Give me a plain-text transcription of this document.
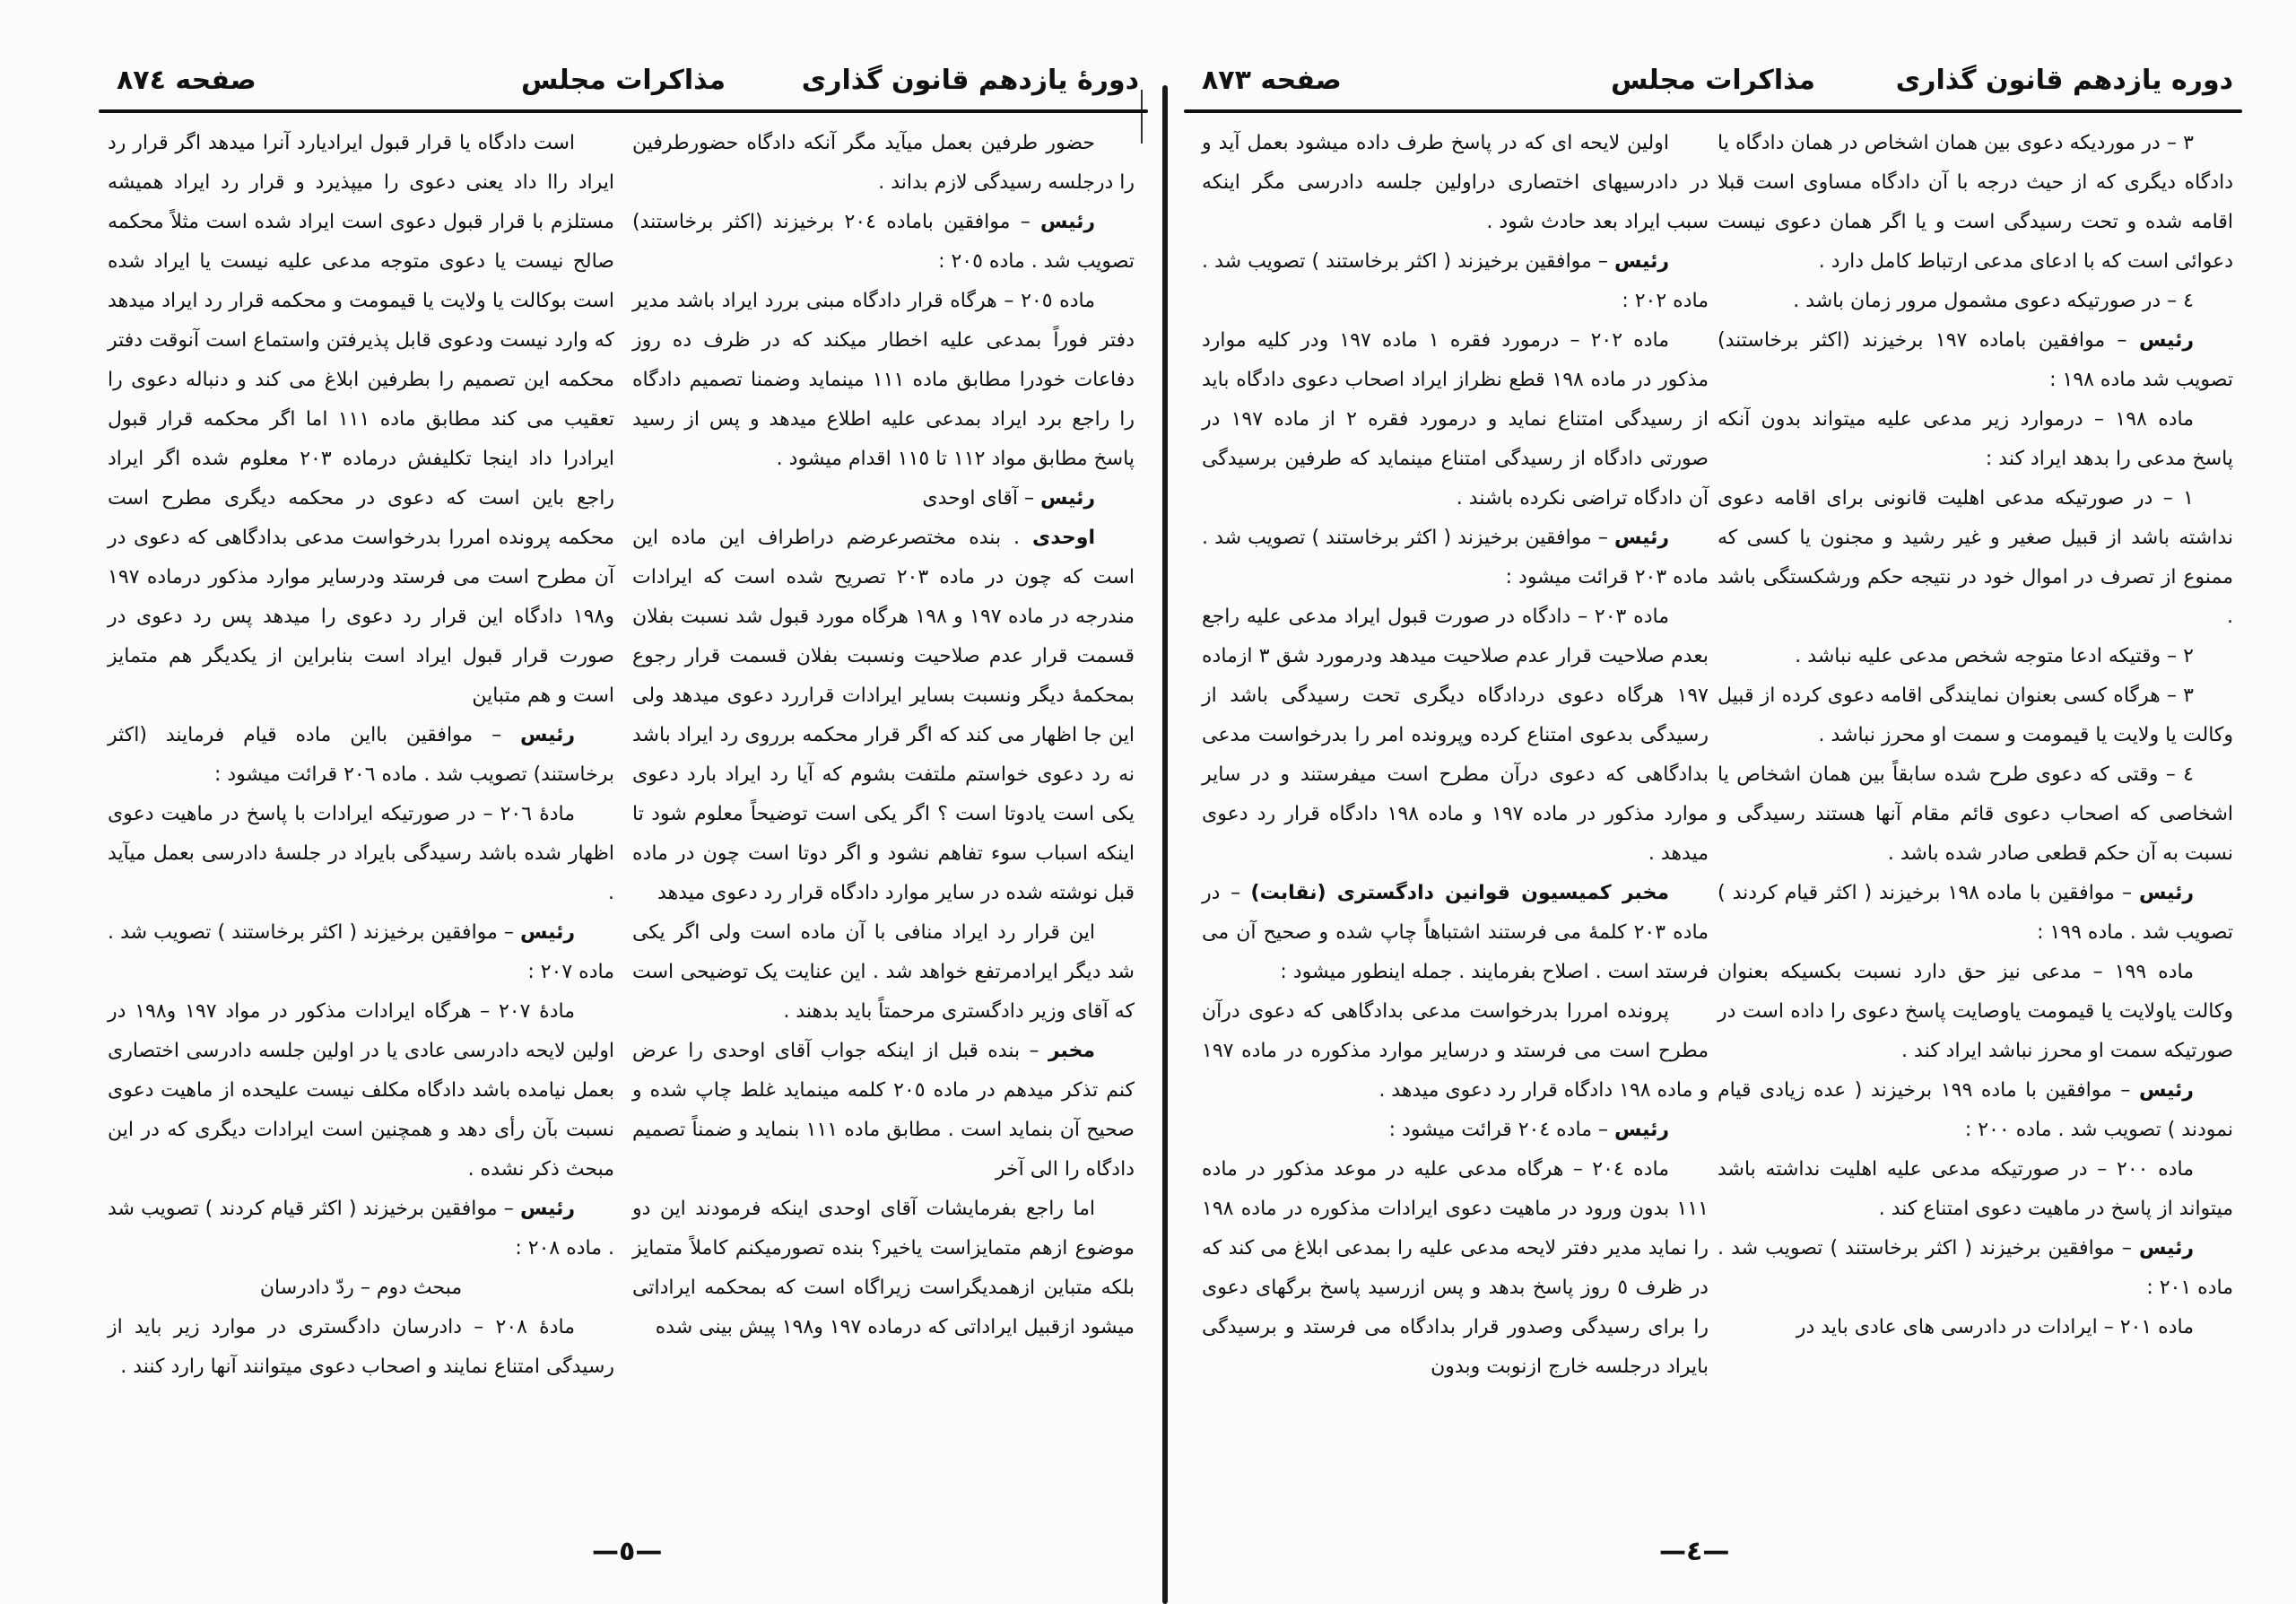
دوره یازدهم قانون گذاری
مذاکرات مجلس
صفحه ۸۷۳

۳ – در موردیکه دعوی بین همان اشخاص در همان دادگاه یا دادگاه دیگری که از حیث درجه با آن دادگاه مساوی است قبلا اقامه شده و تحت رسیدگی است و یا اگر همان دعوی نیست دعوائی است که با ادعای مدعی ارتباط کامل دارد .

٤ – در صورتیکه دعوی مشمول مرور زمان باشد .

رئیس – موافقین باماده ۱۹۷ برخیزند (اکثر برخاستند) تصویب شد ماده ۱۹۸ :

ماده ۱۹۸ – درموارد زیر مدعی علیه میتواند بدون آنکه پاسخ مدعی را بدهد ایراد کند :

۱ – در صورتیکه مدعی اهلیت قانونی برای اقامه دعوی نداشته باشد از قبیل صغیر و غیر رشید و مجنون یا کسی که ممنوع از تصرف در اموال خود در نتیجه حکم ورشکستگی باشد .

۲ – وقتیکه ادعا متوجه شخص مدعی علیه نباشد .

۳ – هرگاه کسی بعنوان نمایندگی اقامه دعوی کرده از قبیل وکالت یا ولایت یا قیمومت و سمت او محرز نباشد .

٤ – وقتی که دعوی طرح شده سابقاً بین همان اشخاص یا اشخاصی که اصحاب دعوی قائم مقام آنها هستند رسیدگی و نسبت به آن حکم قطعی صادر شده باشد .

رئیس – موافقین با ماده ۱۹۸ برخیزند ( اکثر قیام کردند ) تصویب شد . ماده ۱۹۹ :

ماده ۱۹۹ – مدعی نیز حق دارد نسبت بکسیکه بعنوان وکالت یاولایت یا قیمومت یاوصایت پاسخ دعوی را داده است در صورتیکه سمت او محرز نباشد ایراد کند .

رئیس – موافقین با ماده ۱۹۹ برخیزند ( عده زیادی قیام نمودند ) تصویب شد . ماده ۲۰۰ :

ماده ۲۰۰ – در صورتیکه مدعی علیه اهلیت نداشته باشد میتواند از پاسخ در ماهیت دعوی امتناع کند .

رئیس – موافقین برخیزند ( اکثر برخاستند ) تصویب شد . ماده ۲۰۱ :

ماده ۲۰۱ – ایرادات در دادرسی های عادی باید در

اولین لایحه ای که در پاسخ طرف داده میشود بعمل آید و در دادرسیهای اختصاری دراولین جلسه دادرسی مگر اینکه سبب ایراد بعد حادث شود .

رئیس – موافقین برخیزند ( اکثر برخاستند ) تصویب شد . ماده ۲۰۲ :

ماده ۲۰۲ – درمورد فقره ۱ ماده ۱۹۷ ودر کلیه موارد مذکور در ماده ۱۹۸ قطع نظراز ایراد اصحاب دعوی دادگاه باید از رسیدگی امتناع نماید و درمورد فقره ۲ از ماده ۱۹۷ در صورتی دادگاه از رسیدگی امتناع مینماید که طرفین برسیدگی آن دادگاه تراضی نکرده باشند .

رئیس – موافقین برخیزند ( اکثر برخاستند ) تصویب شد . ماده ۲۰۳ قرائت میشود :

ماده ۲۰۳ – دادگاه در صورت قبول ایراد مدعی علیه راجع بعدم صلاحیت قرار عدم صلاحیت میدهد ودرمورد شق ۳ ازماده ۱۹۷ هرگاه دعوی دردادگاه دیگری تحت رسیدگی باشد از رسیدگی بدعوی امتناع کرده وپرونده امر را بدرخواست مدعی بدادگاهی که دعوی درآن مطرح است میفرستند و در سایر موارد مذکور در ماده ۱۹۷ و ماده ۱۹۸ دادگاه قرار رد دعوی میدهد .

مخبر کمیسیون قوانین دادگستری (نقابت) – در ماده ۲۰۳ کلمهٔ می فرستند اشتباهاً چاپ شده و صحیح آن می فرستد است . اصلاح بفرمایند . جمله اینطور میشود :

پرونده امررا بدرخواست مدعی بدادگاهی که دعوی درآن مطرح است می فرستد و درسایر موارد مذکوره در ماده ۱۹۷ و ماده ۱۹۸ دادگاه قرار رد دعوی میدهد .

رئیس – ماده ۲۰٤ قرائت میشود :

ماده ۲۰٤ – هرگاه مدعی علیه در موعد مذکور در ماده ۱۱۱ بدون ورود در ماهیت دعوی ایرادات مذکوره در ماده ۱۹۸ را نماید مدیر دفتر لایحه مدعی علیه را بمدعی ابلاغ می کند که در ظرف ٥ روز پاسخ بدهد و پس ازرسید پاسخ برگهای دعوی را برای رسیدگی وصدور قرار بدادگاه می فرستد و برسیدگی بایراد درجلسه خارج ازنوبت وبدون

—٤—
دورهٔ یازدهم قانون گذاری
مذاکرات مجلس
صفحه ۸۷٤

حضور طرفین بعمل میآید مگر آنکه دادگاه حضورطرفین را درجلسه رسیدگی لازم بداند .

رئیس – موافقین باماده ۲۰٤ برخیزند (اکثر برخاستند) تصویب شد . ماده ۲۰٥ :

ماده ۲۰٥ – هرگاه قرار دادگاه مبنی بررد ایراد باشد مدیر دفتر فوراً بمدعی علیه اخطار میکند که در ظرف ده روز دفاعات خودرا مطابق ماده ۱۱۱ مینماید وضمنا تصمیم دادگاه را راجع برد ایراد بمدعی علیه اطلاع میدهد و پس از رسید پاسخ مطابق مواد ۱۱۲ تا ۱۱٥ اقدام میشود .

رئیس – آقای اوحدی

اوحدی . بنده مختصرعرضم دراطراف این ماده این است که چون در ماده ۲۰۳ تصریح شده است که ایرادات مندرجه در ماده ۱۹۷ و ۱۹۸ هرگاه مورد قبول شد نسبت بفلان قسمت قرار عدم صلاحیت ونسبت بفلان قسمت قرار رجوع بمحکمهٔ دیگر ونسبت بسایر ایرادات قراررد دعوی میدهد ولی این جا اظهار می کند که اگر قرار محکمه برروی رد ایراد باشد نه رد دعوی خواستم ملتفت بشوم که آیا رد ایراد بارد دعوی یکی است یادوتا است ؟ اگر یکی است توضیحاً معلوم شود تا اینکه اسباب سوء تفاهم نشود و اگر دوتا است چون در ماده قبل نوشته شده در سایر موارد دادگاه قرار رد دعوی میدهد

این قرار رد ایراد منافی با آن ماده است ولی اگر یکی شد دیگر ایرادمرتفع خواهد شد . این عنایت یک توضیحی است که آقای وزیر دادگستری مرحمتاً باید بدهند .

مخبر – بنده قبل از اینکه جواب آقای اوحدی را عرض کنم تذکر میدهم در ماده ۲۰٥ کلمه مینماید غلط چاپ شده و صحیح آن بنماید است . مطابق ماده ۱۱۱ بنماید و ضمناً تصمیم دادگاه را الی آخر

اما راجع بفرمایشات آقای اوحدی اینکه فرمودند این دو موضوع ازهم متمایزاست یاخیر؟ بنده تصورمیکنم کاملاً متمایز بلکه متباین ازهمدیگراست زیراگاه است که بمحکمه ایراداتی میشود ازقبیل ایراداتی که درماده ۱۹۷ و۱۹۸ پیش بینی شده

است دادگاه یا قرار قبول ایرادیارد آنرا میدهد اگر قرار رد ایراد راا داد یعنی دعوی را میپذیرد و قرار رد ایراد همیشه مستلزم با قرار قبول دعوی است ایراد شده است مثلاً محکمه صالح نیست یا دعوی متوجه مدعی علیه نیست یا ایراد شده است بوکالت یا ولایت یا قیمومت و محکمه قرار رد ایراد میدهد که وارد نیست ودعوی قابل پذیرفتن واستماع است آنوقت دفتر محکمه این تصمیم را بطرفین ابلاغ می کند و دنباله دعوی را تعقیب می کند مطابق ماده ۱۱۱ اما اگر محکمه قرار قبول ایرادرا داد اینجا تکلیفش درماده ۲۰۳ معلوم شده اگر ایراد راجع باین است که دعوی در محکمه دیگری مطرح است محکمه پرونده امررا بدرخواست مدعی بدادگاهی که دعوی در آن مطرح است می فرستد ودرسایر موارد مذکور درماده ۱۹۷ و۱۹۸ دادگاه این قرار رد دعوی را میدهد پس رد دعوی در صورت قرار قبول ایراد است بنابراین از یکدیگر هم متمایز است و هم متباین

رئیس – موافقین بااین ماده قیام فرمایند (اکثر برخاستند) تصویب شد . ماده ۲۰٦ قرائت میشود :

مادهٔ ۲۰٦ – در صورتیکه ایرادات با پاسخ در ماهیت دعوی اظهار شده باشد رسیدگی بایراد در جلسهٔ دادرسی بعمل میآید .

رئیس – موافقین برخیزند ( اکثر برخاستند ) تصویب شد . ماده ۲۰۷ :

مادهٔ ۲۰۷ – هرگاه ایرادات مذکور در مواد ۱۹۷ و۱۹۸ در اولین لایحه دادرسی عادی یا در اولین جلسه دادرسی اختصاری بعمل نیامده باشد دادگاه مکلف نیست علیحده از ماهیت دعوی نسبت بآن رأی دهد و همچنین است ایرادات دیگری که در این مبحث ذکر نشده .

رئیس – موافقین برخیزند ( اکثر قیام کردند ) تصویب شد . ماده ۲۰۸ :

مبحث دوم – ردّ دادرسان

مادهٔ ۲۰۸ – دادرسان دادگستری در موارد زیر باید از رسیدگی امتناع نمایند و اصحاب دعوی میتوانند آنها رارد کنند .

—٥—
